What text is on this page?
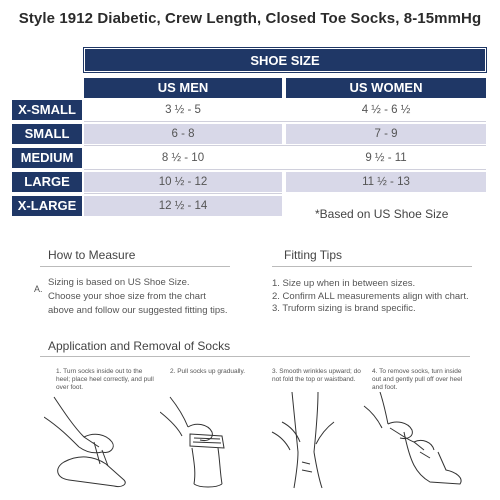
Style 1912 Diabetic, Crew Length, Closed Toe Socks, 8-15mmHg
SHOE SIZE
US MEN	US WOMEN
X-SMALL	3 ½ - 5	4 ½ - 6 ½
SMALL	6 - 8	7 - 9
MEDIUM	8 ½ - 10	9 ½ - 11
LARGE	10 ½ - 12	11 ½ - 13
X-LARGE	12 ½ - 14
*Based on US Shoe Size
How to Measure
A.
Sizing is based on US Shoe Size.
Choose your shoe size from the chart
above and follow our suggested fitting tips.
Fitting Tips
1. Size up when in between sizes.
2. Confirm ALL measurements align with chart.
3. Truform sizing is brand specific.
Application and Removal of Socks
1. Turn socks inside out to the heel; place heel correctly, and pull over foot.
2. Pull socks up gradually.	3. Smooth wrinkles upward; do not fold the top or waistband.
4. To remove socks, turn inside out and gently pull off over heel and foot.
